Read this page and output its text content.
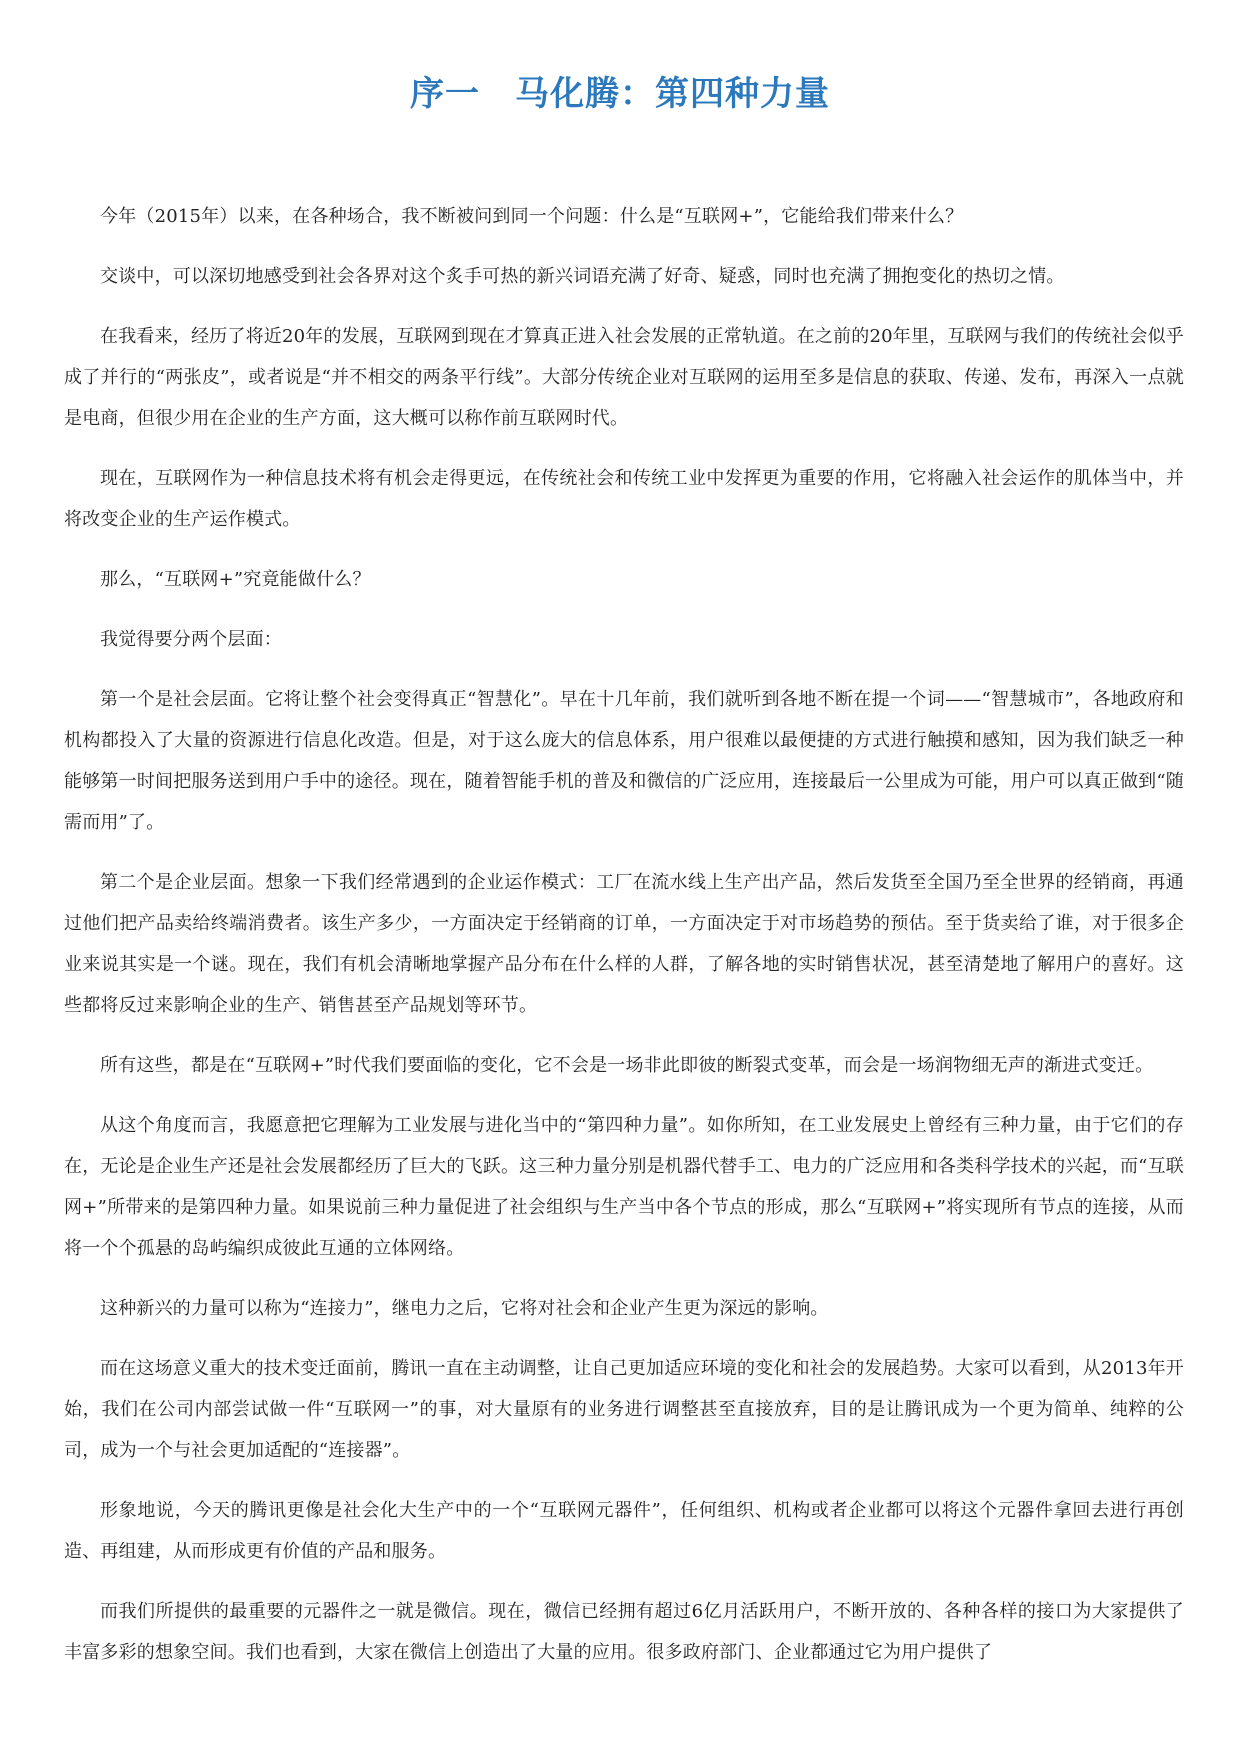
序一　马化腾：第四种力量

今年（2015年）以来，在各种场合，我不断被问到同一个问题：什么是“互联网+”，它能给我们带来什么？

交谈中，可以深切地感受到社会各界对这个炙手可热的新兴词语充满了好奇、疑惑，同时也充满了拥抱变化的热切之情。

在我看来，经历了将近20年的发展，互联网到现在才算真正进入社会发展的正常轨道。在之前的20年里，互联网与我们的传统社会似乎成了并行的“两张皮”，或者说是“并不相交的两条平行线”。大部分传统企业对互联网的运用至多是信息的获取、传递、发布，再深入一点就是电商，但很少用在企业的生产方面，这大概可以称作前互联网时代。

现在，互联网作为一种信息技术将有机会走得更远，在传统社会和传统工业中发挥更为重要的作用，它将融入社会运作的肌体当中，并将改变企业的生产运作模式。

那么，“互联网+”究竟能做什么？

我觉得要分两个层面：

第一个是社会层面。它将让整个社会变得真正“智慧化”。早在十几年前，我们就听到各地不断在提一个词——“智慧城市”，各地政府和机构都投入了大量的资源进行信息化改造。但是，对于这么庞大的信息体系，用户很难以最便捷的方式进行触摸和感知，因为我们缺乏一种能够第一时间把服务送到用户手中的途径。现在，随着智能手机的普及和微信的广泛应用，连接最后一公里成为可能，用户可以真正做到“随需而用”了。

第二个是企业层面。想象一下我们经常遇到的企业运作模式：工厂在流水线上生产出产品，然后发货至全国乃至全世界的经销商，再通过他们把产品卖给终端消费者。该生产多少，一方面决定于经销商的订单，一方面决定于对市场趋势的预估。至于货卖给了谁，对于很多企业来说其实是一个谜。现在，我们有机会清晰地掌握产品分布在什么样的人群，了解各地的实时销售状况，甚至清楚地了解用户的喜好。这些都将反过来影响企业的生产、销售甚至产品规划等环节。

所有这些，都是在“互联网+”时代我们要面临的变化，它不会是一场非此即彼的断裂式变革，而会是一场润物细无声的渐进式变迁。

从这个角度而言，我愿意把它理解为工业发展与进化当中的“第四种力量”。如你所知，在工业发展史上曾经有三种力量，由于它们的存在，无论是企业生产还是社会发展都经历了巨大的飞跃。这三种力量分别是机器代替手工、电力的广泛应用和各类科学技术的兴起，而“互联网+”所带来的是第四种力量。如果说前三种力量促进了社会组织与生产当中各个节点的形成，那么“互联网+”将实现所有节点的连接，从而将一个个孤悬的岛屿编织成彼此互通的立体网络。

这种新兴的力量可以称为“连接力”，继电力之后，它将对社会和企业产生更为深远的影响。

而在这场意义重大的技术变迁面前，腾讯一直在主动调整，让自己更加适应环境的变化和社会的发展趋势。大家可以看到，从2013年开始，我们在公司内部尝试做一件“互联网一”的事，对大量原有的业务进行调整甚至直接放弃，目的是让腾讯成为一个更为简单、纯粹的公司，成为一个与社会更加适配的“连接器”。

形象地说，今天的腾讯更像是社会化大生产中的一个“互联网元器件”，任何组织、机构或者企业都可以将这个元器件拿回去进行再创造、再组建，从而形成更有价值的产品和服务。

而我们所提供的最重要的元器件之一就是微信。现在，微信已经拥有超过6亿月活跃用户，不断开放的、各种各样的接口为大家提供了丰富多彩的想象空间。我们也看到，大家在微信上创造出了大量的应用。很多政府部门、企业都通过它为用户提供了
